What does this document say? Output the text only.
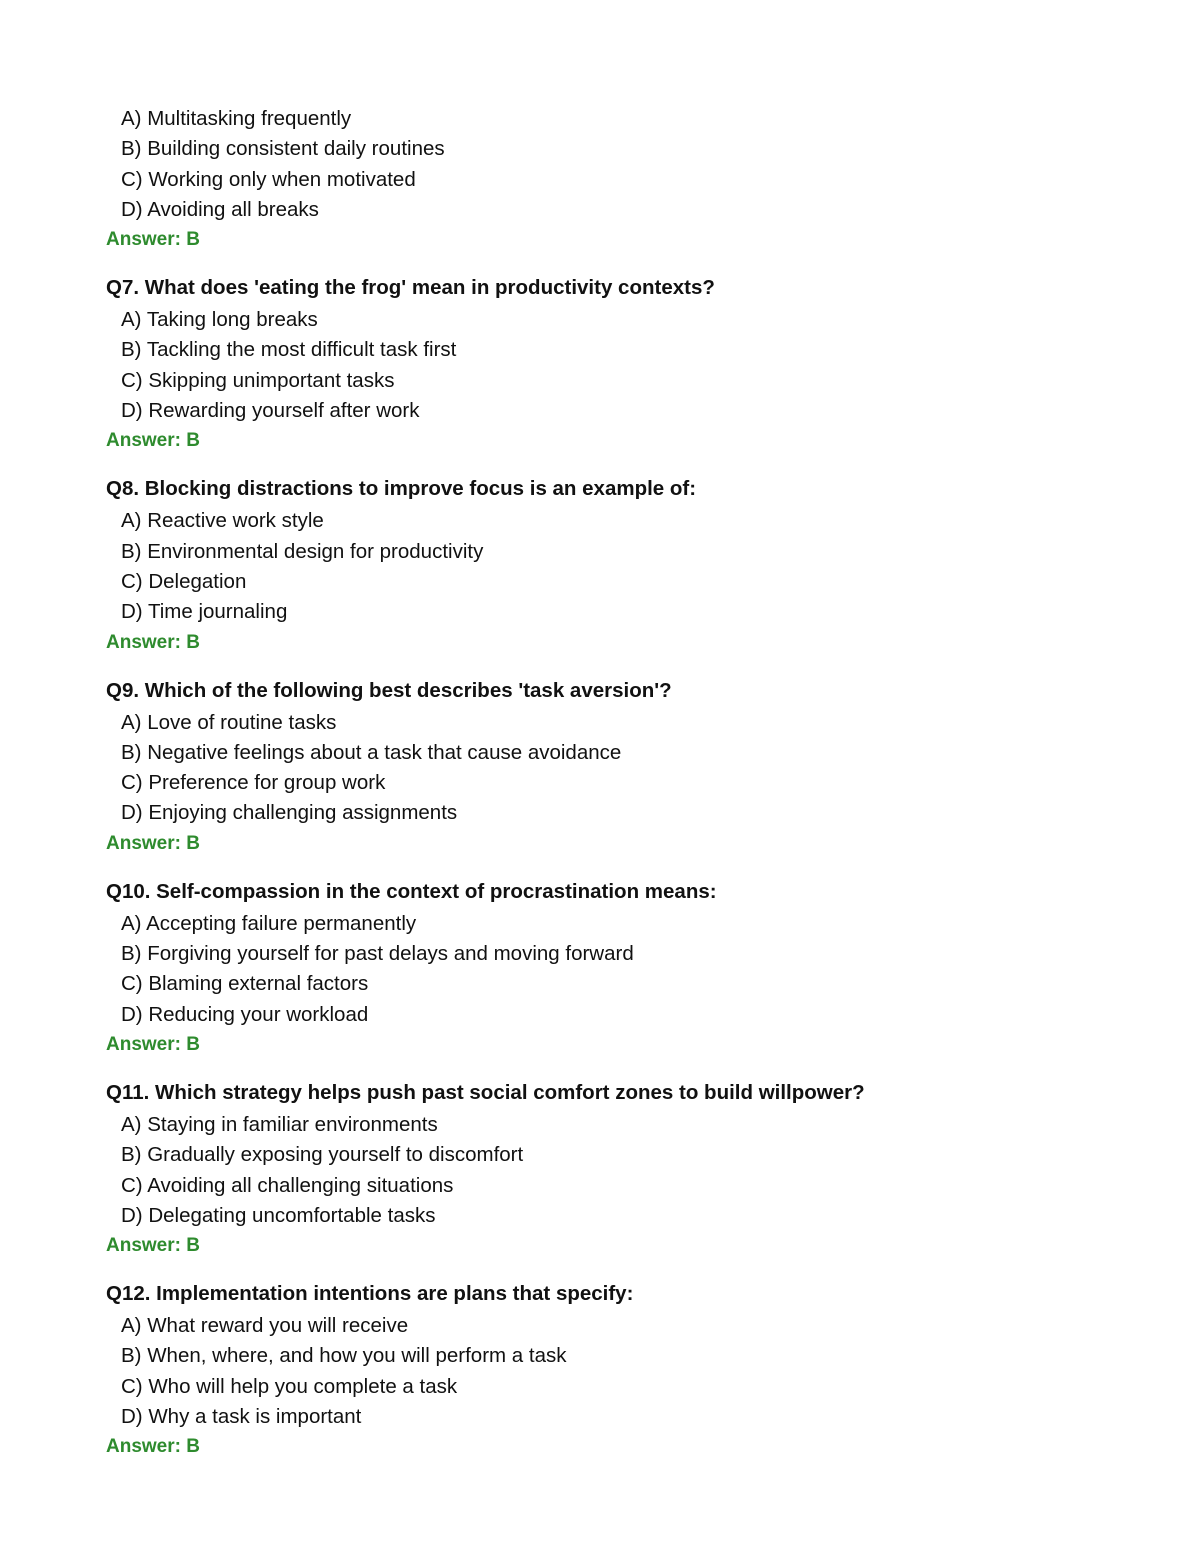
A) Multitasking frequently
B) Building consistent daily routines
C) Working only when motivated
D) Avoiding all breaks
Answer: B
Q7. What does 'eating the frog' mean in productivity contexts?
A) Taking long breaks
B) Tackling the most difficult task first
C) Skipping unimportant tasks
D) Rewarding yourself after work
Answer: B
Q8. Blocking distractions to improve focus is an example of:
A) Reactive work style
B) Environmental design for productivity
C) Delegation
D) Time journaling
Answer: B
Q9. Which of the following best describes 'task aversion'?
A) Love of routine tasks
B) Negative feelings about a task that cause avoidance
C) Preference for group work
D) Enjoying challenging assignments
Answer: B
Q10. Self-compassion in the context of procrastination means:
A) Accepting failure permanently
B) Forgiving yourself for past delays and moving forward
C) Blaming external factors
D) Reducing your workload
Answer: B
Q11. Which strategy helps push past social comfort zones to build willpower?
A) Staying in familiar environments
B) Gradually exposing yourself to discomfort
C) Avoiding all challenging situations
D) Delegating uncomfortable tasks
Answer: B
Q12. Implementation intentions are plans that specify:
A) What reward you will receive
B) When, where, and how you will perform a task
C) Who will help you complete a task
D) Why a task is important
Answer: B
